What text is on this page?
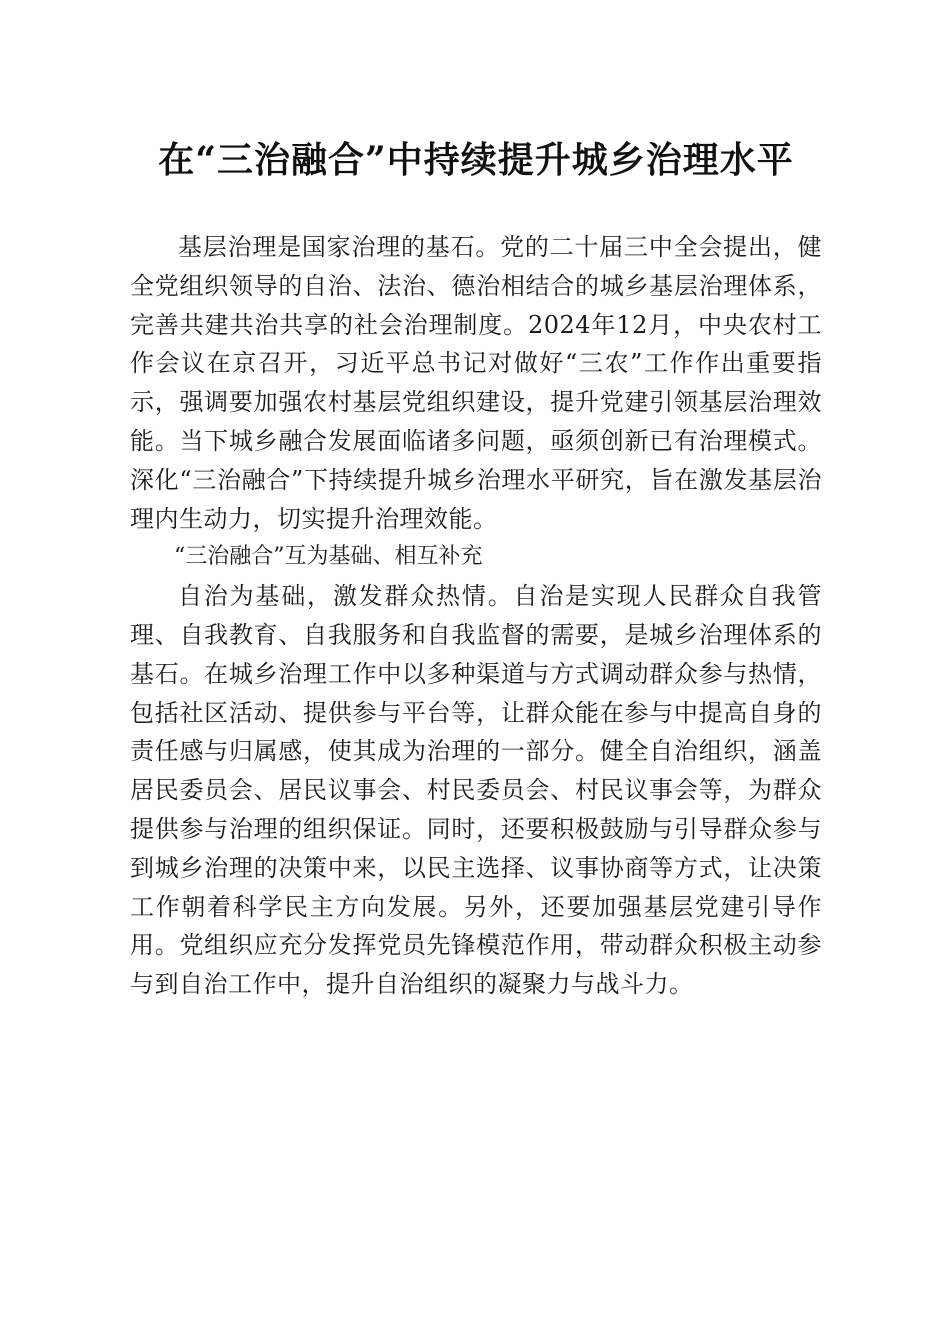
在“三治融合”中持续提升城乡治理水平

基层治理是国家治理的基石。党的二十届三中全会提出，健全党组织领导的自治、法治、德治相结合的城乡基层治理体系，完善共建共治共享的社会治理制度。2024年12月，中央农村工作会议在京召开，习近平总书记对做好“三农”工作作出重要指示，强调要加强农村基层党组织建设，提升党建引领基层治理效能。当下城乡融合发展面临诸多问题，亟须创新已有治理模式。深化“三治融合”下持续提升城乡治理水平研究，旨在激发基层治理内生动力，切实提升治理效能。

“三治融合”互为基础、相互补充

自治为基础，激发群众热情。自治是实现人民群众自我管理、自我教育、自我服务和自我监督的需要，是城乡治理体系的基石。在城乡治理工作中以多种渠道与方式调动群众参与热情，包括社区活动、提供参与平台等，让群众能在参与中提高自身的责任感与归属感，使其成为治理的一部分。健全自治组织，涵盖居民委员会、居民议事会、村民委员会、村民议事会等，为群众提供参与治理的组织保证。同时，还要积极鼓励与引导群众参与到城乡治理的决策中来，以民主选择、议事协商等方式，让决策工作朝着科学民主方向发展。另外，还要加强基层党建引导作用。党组织应充分发挥党员先锋模范作用，带动群众积极主动参与到自治工作中，提升自治组织的凝聚力与战斗力。
